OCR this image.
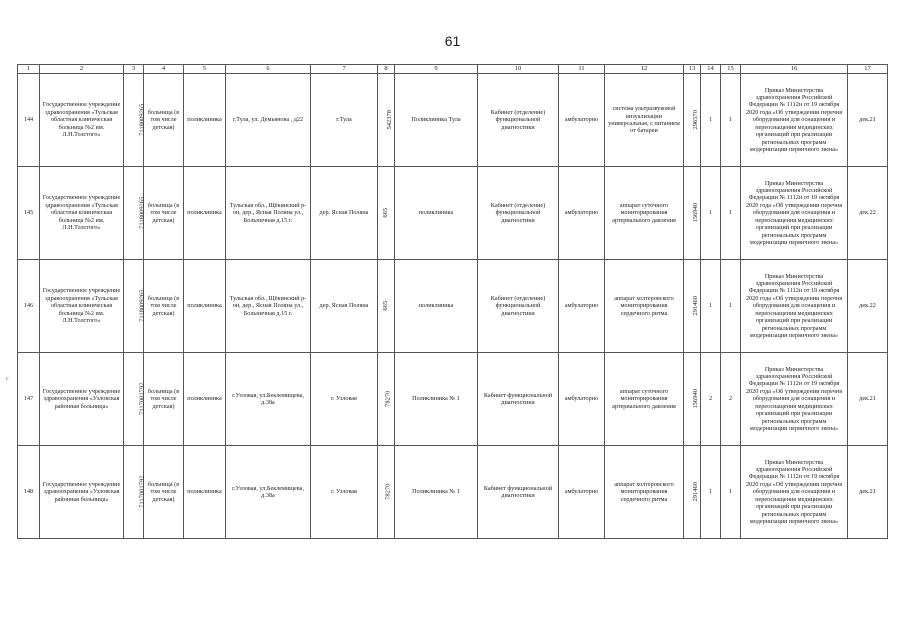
61
c
1	2	3	4	5	6	7	8	9	10	11	12	13	14	15	16	17
144	Государственное учреждение здравоохранения «Тульская областная клиническая больница №2 им. Л.Н.Толстого»	7118009265	больница (в том числе детская)	поликлиника	г.Тула, ул. Демьянова , д22	г.Тула	542378	Поликлиника Тула	Кабинет (отделение) функциональной диагностики	амбулаторно	система ультразвуковой визуализации универсальная, с питанием от батареи	296570	1	1	Приказ Министерства здравоохранения Российской Федерации № 1112н от 19 октября 2020 года «Об утверждении перечня оборудования для оснащения и переоснащения медицинских организаций при реализации региональных программ модернизации первичного звена»	дек.21
145	Государственное учреждение здравоохранения «Тульская областная клиническая больница №2 им. Л.Н.Толстого»	7118009265	больница (в том числе детская)	поликлиника	Тульская обл., Щёкинский р-он, дер., Ясная Поляна ул., Больничная д.15 г.	дер. Ясная Поляна	665	поликлиника	Кабинет (отделение) функциональной диагностики	амбулаторно	аппарат суточного мониторирования артериального давления	156940	1	1	Приказ Министерства здравоохранения Российской Федерации № 1112н от 19 октября 2020 года «Об утверждении перечня оборудования для оснащения и переоснащения медицинских организаций при реализации региональных программ модернизации первичного звена»	дек.22
146	Государственное учреждение здравоохранения «Тульская областная клиническая больница №2 им. Л.Н.Толстого»	7118009265	больница (в том числе детская)	поликлиника	Тульская обл., Щёкинский р-он, дер., Ясная Поляна ул., Больничная д.15 г.	дер. Ясная Поляна	665	поликлиника	Кабинет (отделение) функциональной диагностики	амбулаторно	аппарат холтеровского мониторирования сердечного ритма	291460	1	1	Приказ Министерства здравоохранения Российской Федерации № 1112н от 19 октября 2020 года «Об утверждении перечня оборудования для оснащения и переоснащения медицинских организаций при реализации региональных программ модернизации первичного звена»	дек.22
147	Государственное учреждение здравоохранения «Узловская районная больница»	7117001792	больница (в том числе детская)	поликлиника	г.Узловая, ул.Беклемищева, д.38а	г. Узловая	78270	Поликлиника № 1	Кабинет функциональной диагностики	амбулаторно	аппарат суточного мониторирования артериального давления	156940	2	2	Приказ Министерства здравоохранения Российской Федерации № 1112н от 19 октября 2020 года «Об утверждении перечня оборудования для оснащения и переоснащения медицинских организаций при реализации региональных программ модернизации первичного звена»	дек.21
148	Государственное учреждение здравоохранения «Узловская районная больница»	7117001792	больница (в том числе детская)	поликлиника	г.Узловая, ул.Беклемищева, д.38а	г. Узловая	78270	Поликлиника № 1	Кабинет функциональной диагностики	амбулаторно	аппарат холтеровского мониторирования сердечного ритма	291460	1	1	Приказ Министерства здравоохранения Российской Федерации № 1112н от 19 октября 2020 года «Об утверждении перечня оборудования для оснащения и переоснащения медицинских организаций при реализации региональных программ модернизации первичного звена»	дек.21
